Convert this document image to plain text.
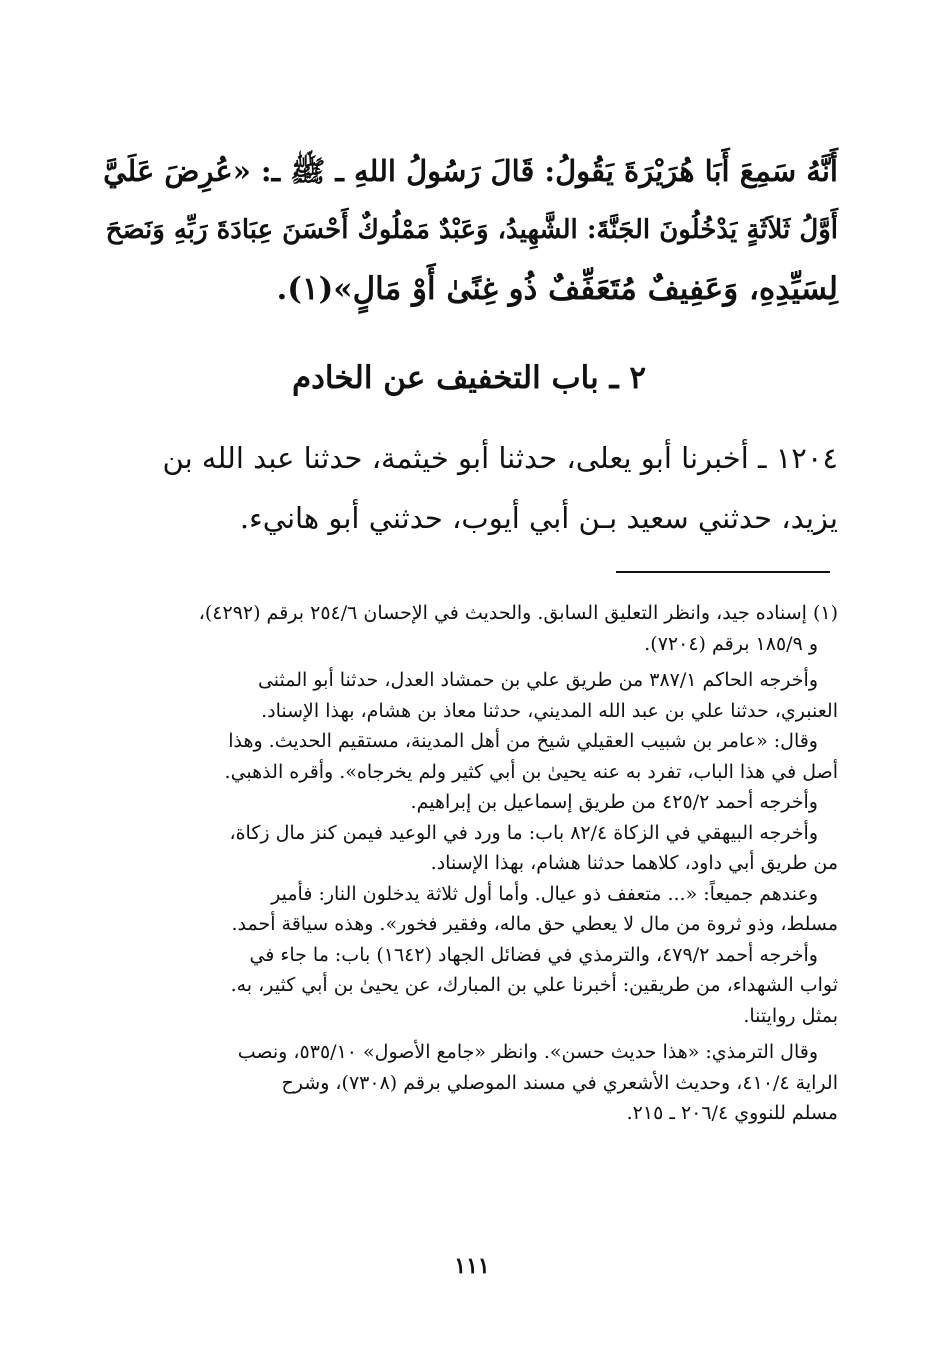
أَنَّهُ سَمِعَ أَبَا هُرَيْرَةَ يَقُولُ: قَالَ رَسُولُ اللهِ ـ ﷺ ـ: «عُرِضَ عَلَيَّ
أَوَّلُ ثَلاَثَةٍ يَدْخُلُونَ الجَنَّةَ: الشَّهِيدُ، وَعَبْدٌ مَمْلُوكٌ أَحْسَنَ عِبَادَةَ رَبِّهِ وَنَصَحَ
لِسَيِّدِهِ، وَعَفِيفٌ مُتَعَفِّفٌ ذُو غِنًىٰ أَوْ مَالٍ»(١).
٢ ـ باب التخفيف عن الخادم
١٢٠٤ ـ أخبرنا أبو يعلى، حدثنا أبو خيثمة، حدثنا عبد الله بن
يزيد، حدثني سعيد بـن أبي أيوب، حدثني أبو هانيء.
(١) إسناده جيد، وانظر التعليق السابق. والحديث في الإحسان ٢٥٤/٦ برقم (٤٢٩٢)،
و ١٨٥/٩ برقم (٧٢٠٤).
وأخرجه الحاكم ٣٨٧/١ من طريق علي بن حمشاد العدل، حدثنا أبو المثنى
العنبري، حدثنا علي بن عبد الله المديني، حدثنا معاذ بن هشام، بهذا الإسناد.
وقال: «عامر بن شبيب العقيلي شيخ من أهل المدينة، مستقيم الحديث. وهذا
أصل في هذا الباب، تفرد به عنه يحيىٰ بن أبي كثير ولم يخرجاه». وأقره الذهبي.
وأخرجه أحمد ٤٢٥/٢ من طريق إسماعيل بن إبراهيم.
وأخرجه البيهقي في الزكاة ٨٢/٤ باب: ما ورد في الوعيد فيمن كنز مال زكاة،
من طريق أبي داود، كلاهما حدثنا هشام، بهذا الإسناد.
وعندهم جميعاً: «... متعفف ذو عيال. وأما أول ثلاثة يدخلون النار: فأمير
مسلط، وذو ثروة من مال لا يعطي حق ماله، وفقير فخور». وهذه سياقة أحمد.
وأخرجه أحمد ٤٧٩/٢، والترمذي في فضائل الجهاد (١٦٤٢) باب: ما جاء في
ثواب الشهداء، من طريقين: أخبرنا علي بن المبارك، عن يحيىٰ بن أبي كثير، به.
بمثل روايتنا.
وقال الترمذي: «هذا حديث حسن». وانظر «جامع الأصول» ٥٣٥/١٠، ونصب
الراية ٤١٠/٤، وحديث الأشعري في مسند الموصلي برقم (٧٣٠٨)، وشرح
مسلم للنووي ٢٠٦/٤ ـ ٢١٥.
١١١
